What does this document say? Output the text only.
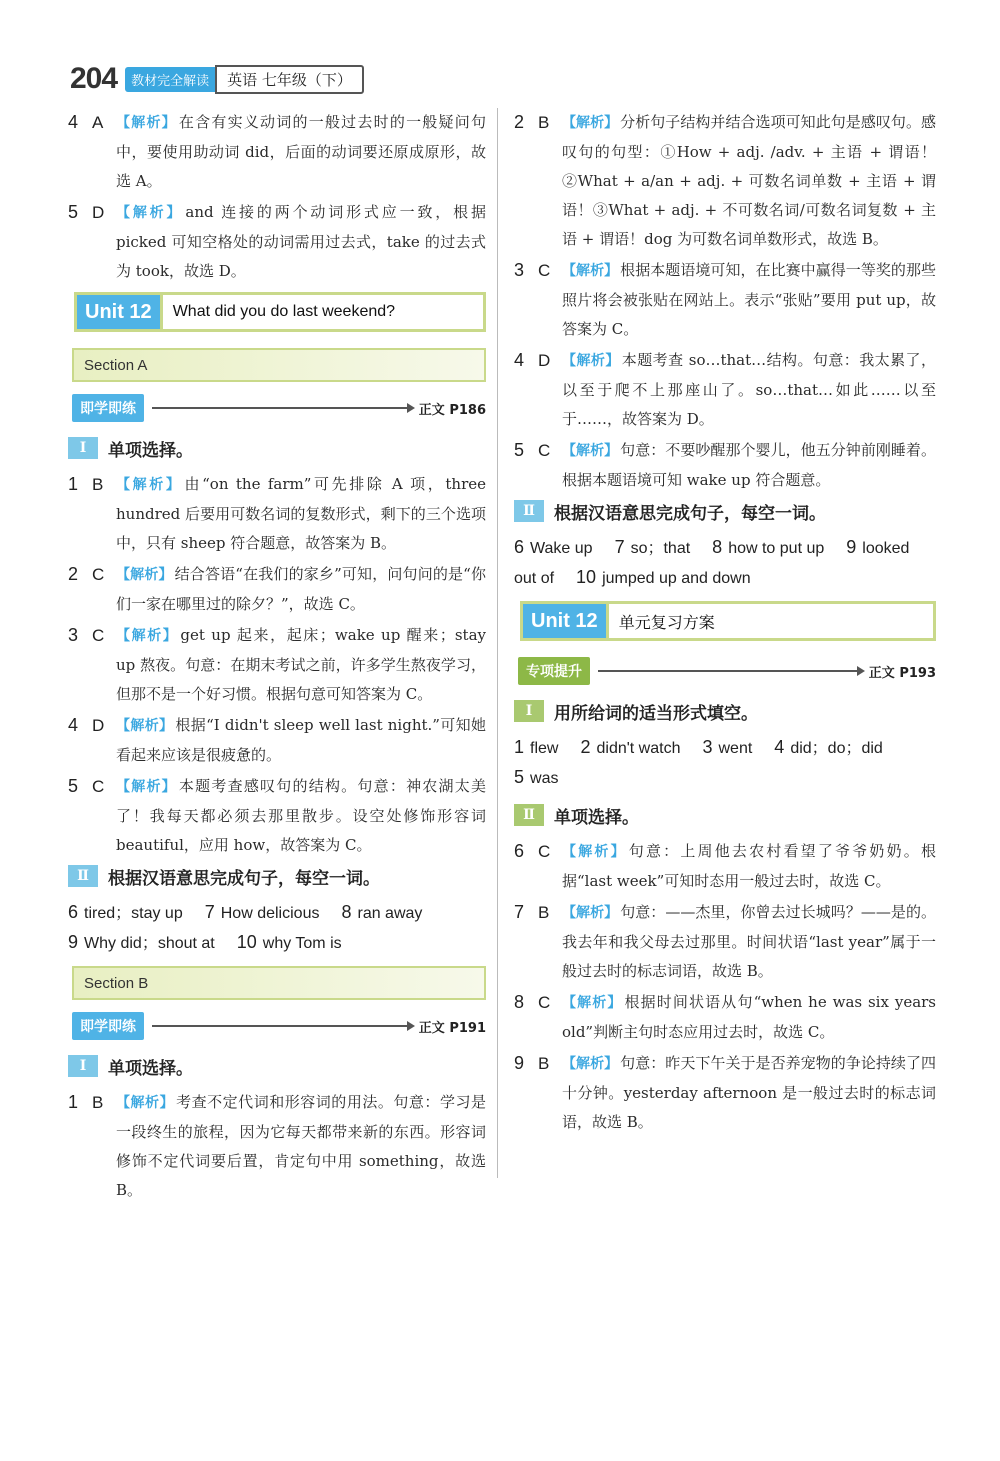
204	教材完全解读	英语 七年级（下）
4 A 【解析】 在含有实义动词的一般过去时的一般疑问句中，要使用助动词 did，后面的动词要还原成原形，故选 A。
5 D 【解析】 and 连接的两个动词形式应一致，根据 picked 可知空格处的动词需用过去式，take 的过去式为 took，故选 D。
Unit 12	What did you do last weekend?
Section A
即学即练	正文 P186
Ⅰ	单项选择。
1 B 【解析】 由“on the farm”可先排除 A 项，three hundred 后要用可数名词的复数形式，剩下的三个选项中，只有 sheep 符合题意，故答案为 B。
2 C 【解析】 结合答语“在我们的家乡”可知，问句问的是“你们一家在哪里过的除夕？”，故选 C。
3 C 【解析】 get up 起来，起床；wake up 醒来；stay up 熬夜。句意：在期末考试之前，许多学生熬夜学习，但那不是一个好习惯。根据句意可知答案为 C。
4 D 【解析】 根据“I didn't sleep well last night.”可知她看起来应该是很疲惫的。
5 C 【解析】 本题考查感叹句的结构。句意：神农湖太美了！我每天都必须去那里散步。设空处修饰形容词 beautiful，应用 how，故答案为 C。
Ⅱ	根据汉语意思完成句子，每空一词。
6 tired；stay up 7 How delicious 8 ran away
9 Why did；shout at 10 why Tom is
Section B
即学即练	正文 P191
Ⅰ	单项选择。
1 B 【解析】 考查不定代词和形容词的用法。句意：学习是一段终生的旅程，因为它每天都带来新的东西。形容词修饰不定代词要后置，肯定句中用 something，故选 B。
2 B 【解析】 分析句子结构并结合选项可知此句是感叹句。感叹句的句型：①How + adj. /adv. + 主语 + 谓语！②What + a/an + adj. + 可数名词单数 + 主语 + 谓语！③What + adj. + 不可数名词/可数名词复数 + 主语 + 谓语！dog 为可数名词单数形式，故选 B。
3 C 【解析】 根据本题语境可知，在比赛中赢得一等奖的那些照片将会被张贴在网站上。表示“张贴”要用 put up，故答案为 C。
4 D 【解析】 本题考查 so…that…结构。句意：我太累了，以至于爬不上那座山了。so…that…如此……以至于……，故答案为 D。
5 C 【解析】 句意：不要吵醒那个婴儿，他五分钟前刚睡着。根据本题语境可知 wake up 符合题意。
Ⅱ	根据汉语意思完成句子，每空一词。
6 Wake up 7 so；that 8 how to put up 9 looked
out of 10 jumped up and down
Unit 12	单元复习方案
专项提升	正文 P193
Ⅰ	用所给词的适当形式填空。
1 flew 2 didn't watch 3 went 4 did；do；did
5 was
Ⅱ	单项选择。
6 C 【解析】 句意：上周他去农村看望了爷爷奶奶。根据“last week”可知时态用一般过去时，故选 C。
7 B 【解析】 句意：——杰里，你曾去过长城吗？——是的。我去年和我父母去过那里。时间状语“last year”属于一般过去时的标志词语，故选 B。
8 C 【解析】 根据时间状语从句“when he was six years old”判断主句时态应用过去时，故选 C。
9 B 【解析】 句意：昨天下午关于是否养宠物的争论持续了四十分钟。yesterday afternoon 是一般过去时的标志词语，故选 B。
